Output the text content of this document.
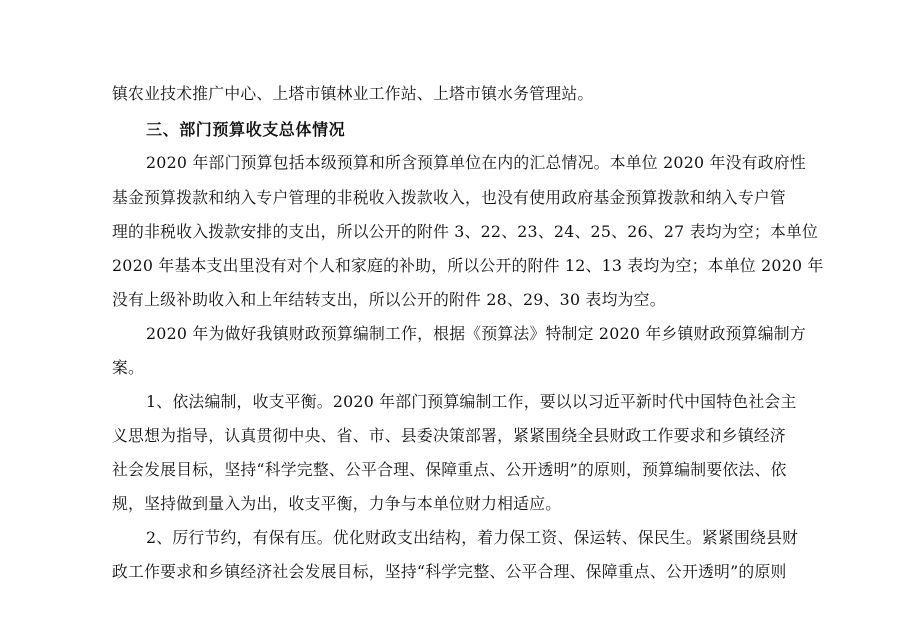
镇农业技术推广中心、上塔市镇林业工作站、上塔市镇水务管理站。
三、部门预算收支总体情况
2020 年部门预算包括本级预算和所含预算单位在内的汇总情况。本单位 2020 年没有政府性
基金预算拨款和纳入专户管理的非税收入拨款收入，也没有使用政府基金预算拨款和纳入专户管
理的非税收入拨款安排的支出，所以公开的附件 3、22、23、24、25、26、27 表均为空；本单位
2020 年基本支出里没有对个人和家庭的补助，所以公开的附件 12、13 表均为空；本单位 2020 年
没有上级补助收入和上年结转支出，所以公开的附件 28、29、30 表均为空。
2020 年为做好我镇财政预算编制工作，根据《预算法》特制定 2020 年乡镇财政预算编制方
案。
1、依法编制，收支平衡。2020 年部门预算编制工作，要以以习近平新时代中国特色社会主
义思想为指导，认真贯彻中央、省、市、县委决策部署，紧紧围绕全县财政工作要求和乡镇经济
社会发展目标，坚持“科学完整、公平合理、保障重点、公开透明”的原则，预算编制要依法、依
规，坚持做到量入为出，收支平衡，力争与本单位财力相适应。
2、厉行节约，有保有压。优化财政支出结构，着力保工资、保运转、保民生。紧紧围绕县财
政工作要求和乡镇经济社会发展目标，坚持“科学完整、公平合理、保障重点、公开透明”的原则
